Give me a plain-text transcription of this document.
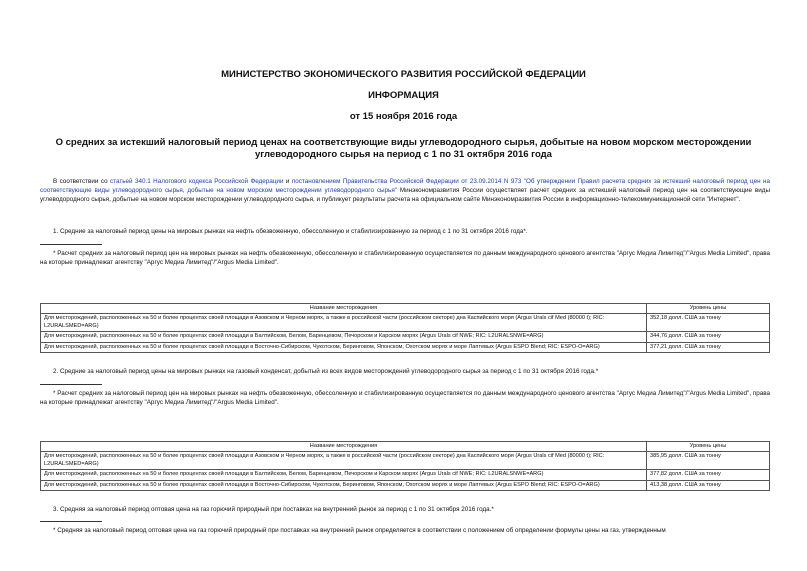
МИНИСТЕРСТВО ЭКОНОМИЧЕСКОГО РАЗВИТИЯ РОССИЙСКОЙ ФЕДЕРАЦИИ
ИНФОРМАЦИЯ
от 15 ноября 2016 года
О средних за истекший налоговый период ценах на соответствующие виды углеводородного сырья, добытые на новом морском месторождении углеводородного сырья на период с 1 по 31 октября 2016 года
В соответствии со статьей 340.1 Налогового кодекса Российской Федерации и постановлением Правительства Российской Федерации от 23.09.2014 N 973 "Об утверждении Правил расчета средних за истекший налоговый период цен на соответствующие виды углеводородного сырья, добытые на новом морском месторождении углеводородного сырья" Минэкономразвития России осуществляет расчет средних за истекший налоговый период цен на соответствующие виды углеводородного сырья, добытые на новом морском месторождении углеводородного сырья, и публикует результаты расчета на официальном сайте Минэкономразвития России в информационно-телекоммуникационной сети "Интернет".
1. Средние за налоговый период цены на мировых рынках на нефть обезвоженную, обессоленную и стабилизированную за период с 1 по 31 октября 2016 года*.
* Расчет средних за налоговый период цен на мировых рынках на нефть обезвоженную, обессоленную и стабилизированную осуществляется по данным международного ценового агентства "Аргус Медиа Лимитед"/"Argus Media Limited", права на которые принадлежат агентству "Аргус Медиа Лимитед"/"Argus Media Limited".
Название месторождения	Уровень цены
Для месторождений, расположенных на 50 и более процентах своей площади в Азовском и Черном морях, а также в российской части (российском секторе) дна Каспийского моря (Argus Urals cif Med (80000 t); RIC: L2URALSMED=ARG)	352,18 долл. США за тонну
Для месторождений, расположенных на 50 и более процентах своей площади в Балтийском, Белом, Баренцевом, Печорском и Карском морях (Argus Urals cif NWE; RIC: L2URALSNWE=ARG)	344,76 долл. США за тонну
Для месторождений, расположенных на 50 и более процентах своей площади в Восточно-Сибирском, Чукотском, Беринговом, Японском, Охотском морях и море Лаптевых (Argus ESPO Blend; RIC: ESPO-O=ARG)	377,21 долл. США за тонну
2. Средние за налоговый период цены на мировых рынках на газовый конденсат, добытый из всех видов месторождений углеводородного сырья за период с 1 по 31 октября 2016 года.*
* Расчет средних за налоговый период цен на мировых рынках на нефть обезвоженную, обессоленную и стабилизированную осуществляется по данным международного ценового агентства "Аргус Медиа Лимитед"/"Argus Media Limited", права на которые принадлежат агентству "Аргус Медиа Лимитед"/"Argus Media Limited".
Название месторождения	Уровень цены
Для месторождений, расположенных на 50 и более процентах своей площади в Азовском и Черном морях, а также в российской части (российском секторе) дна Каспийского моря (Argus Urals cif Med (80000 t); RIC: L2URALSMED=ARG)	385,95 долл. США за тонну
Для месторождений, расположенных на 50 и более процентах своей площади в Балтийском, Белом, Баренцевом, Печорском и Карском морях (Argus Urals cif NWE; RIC: L2URALSNWE=ARG)	377,82 долл. США за тонну
Для месторождений, расположенных на 50 и более процентах своей площади в Восточно-Сибирском, Чукотском, Беринговом, Японском, Охотском морях и море Лаптевых (Argus ESPO Blend; RIC: ESPO-O=ARG)	413,38 долл. США за тонну
3. Средняя за налоговый период оптовая цена на газ горючий природный при поставках на внутренний рынок за период с 1 по 31 октября 2016 года.*
* Средняя за налоговый период оптовая цена на газ горючий природный при поставках на внутренний рынок определяется в соответствии с положением об определении формулы цены на газ, утвержденным
